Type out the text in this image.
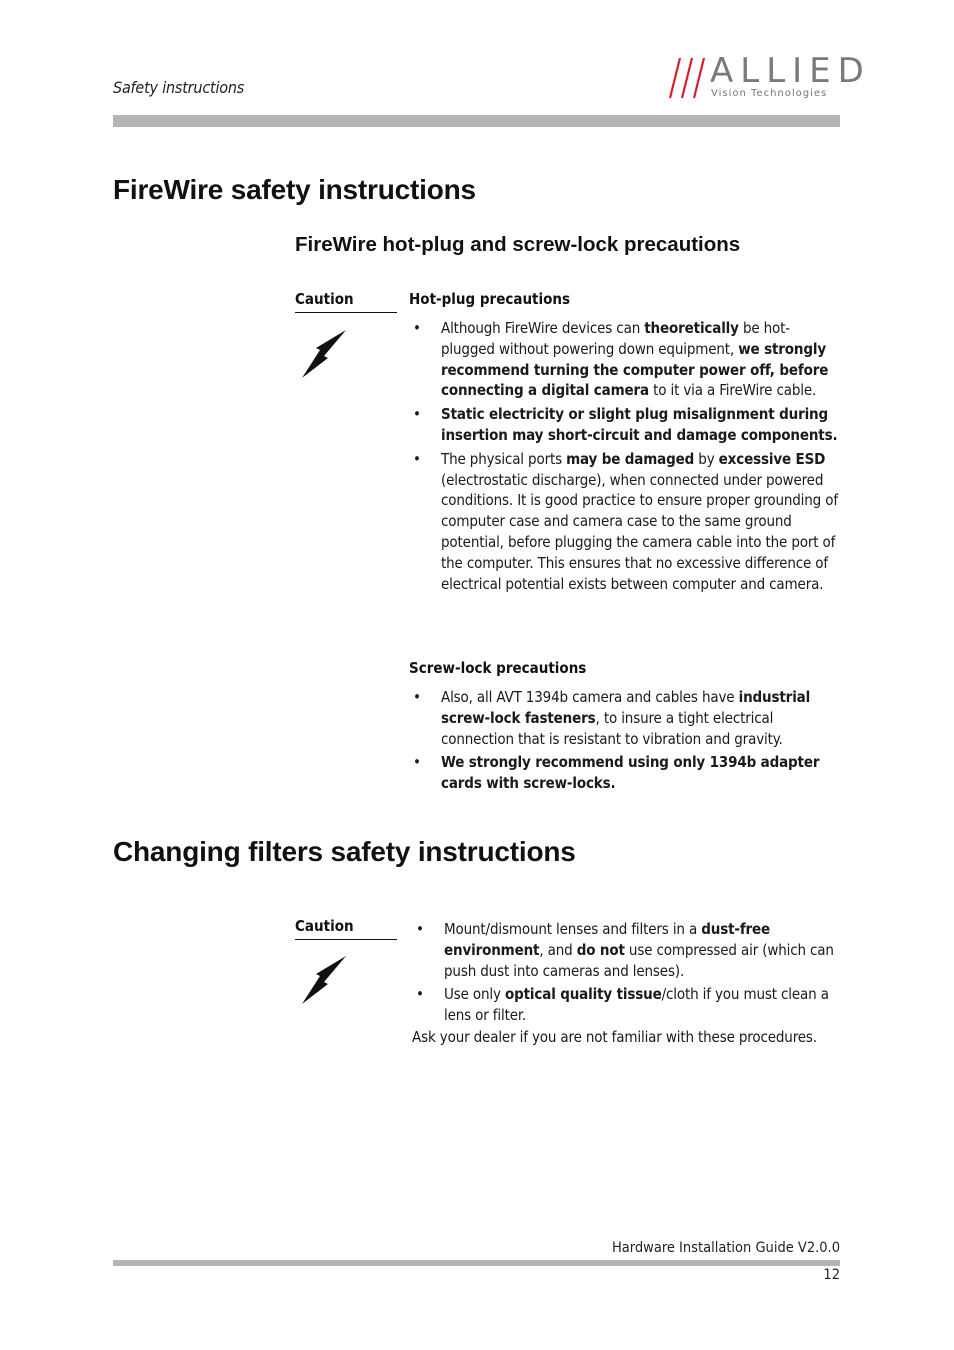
Safety instructions	ALLIED
Vision Technologies
FireWire safety instructions
FireWire hot-plug and screw-lock precautions
Caution	Hot-plug precautions
• Although FireWire devices can theoretically be hot-plugged without powering down equipment, we strongly recommend turning the computer power off, before connecting a digital camera to it via a FireWire cable.
• Static electricity or slight plug misalignment during insertion may short-circuit and damage components.
• The physical ports may be damaged by excessive ESD (electrostatic discharge), when connected under powered conditions. It is good practice to ensure proper grounding of computer case and camera case to the same ground potential, before plugging the camera cable into the port of the computer. This ensures that no excessive difference of electrical potential exists between computer and camera.
Screw-lock precautions
• Also, all AVT 1394b camera and cables have industrial screw-lock fasteners, to insure a tight electrical connection that is resistant to vibration and gravity.
• We strongly recommend using only 1394b adapter cards with screw-locks.
Changing filters safety instructions
Caution	• Mount/dismount lenses and filters in a dust-free environment, and do not use compressed air (which can push dust into cameras and lenses).
• Use only optical quality tissue/cloth if you must clean a lens or filter.
Ask your dealer if you are not familiar with these procedures.
Hardware Installation Guide V2.0.0
12
